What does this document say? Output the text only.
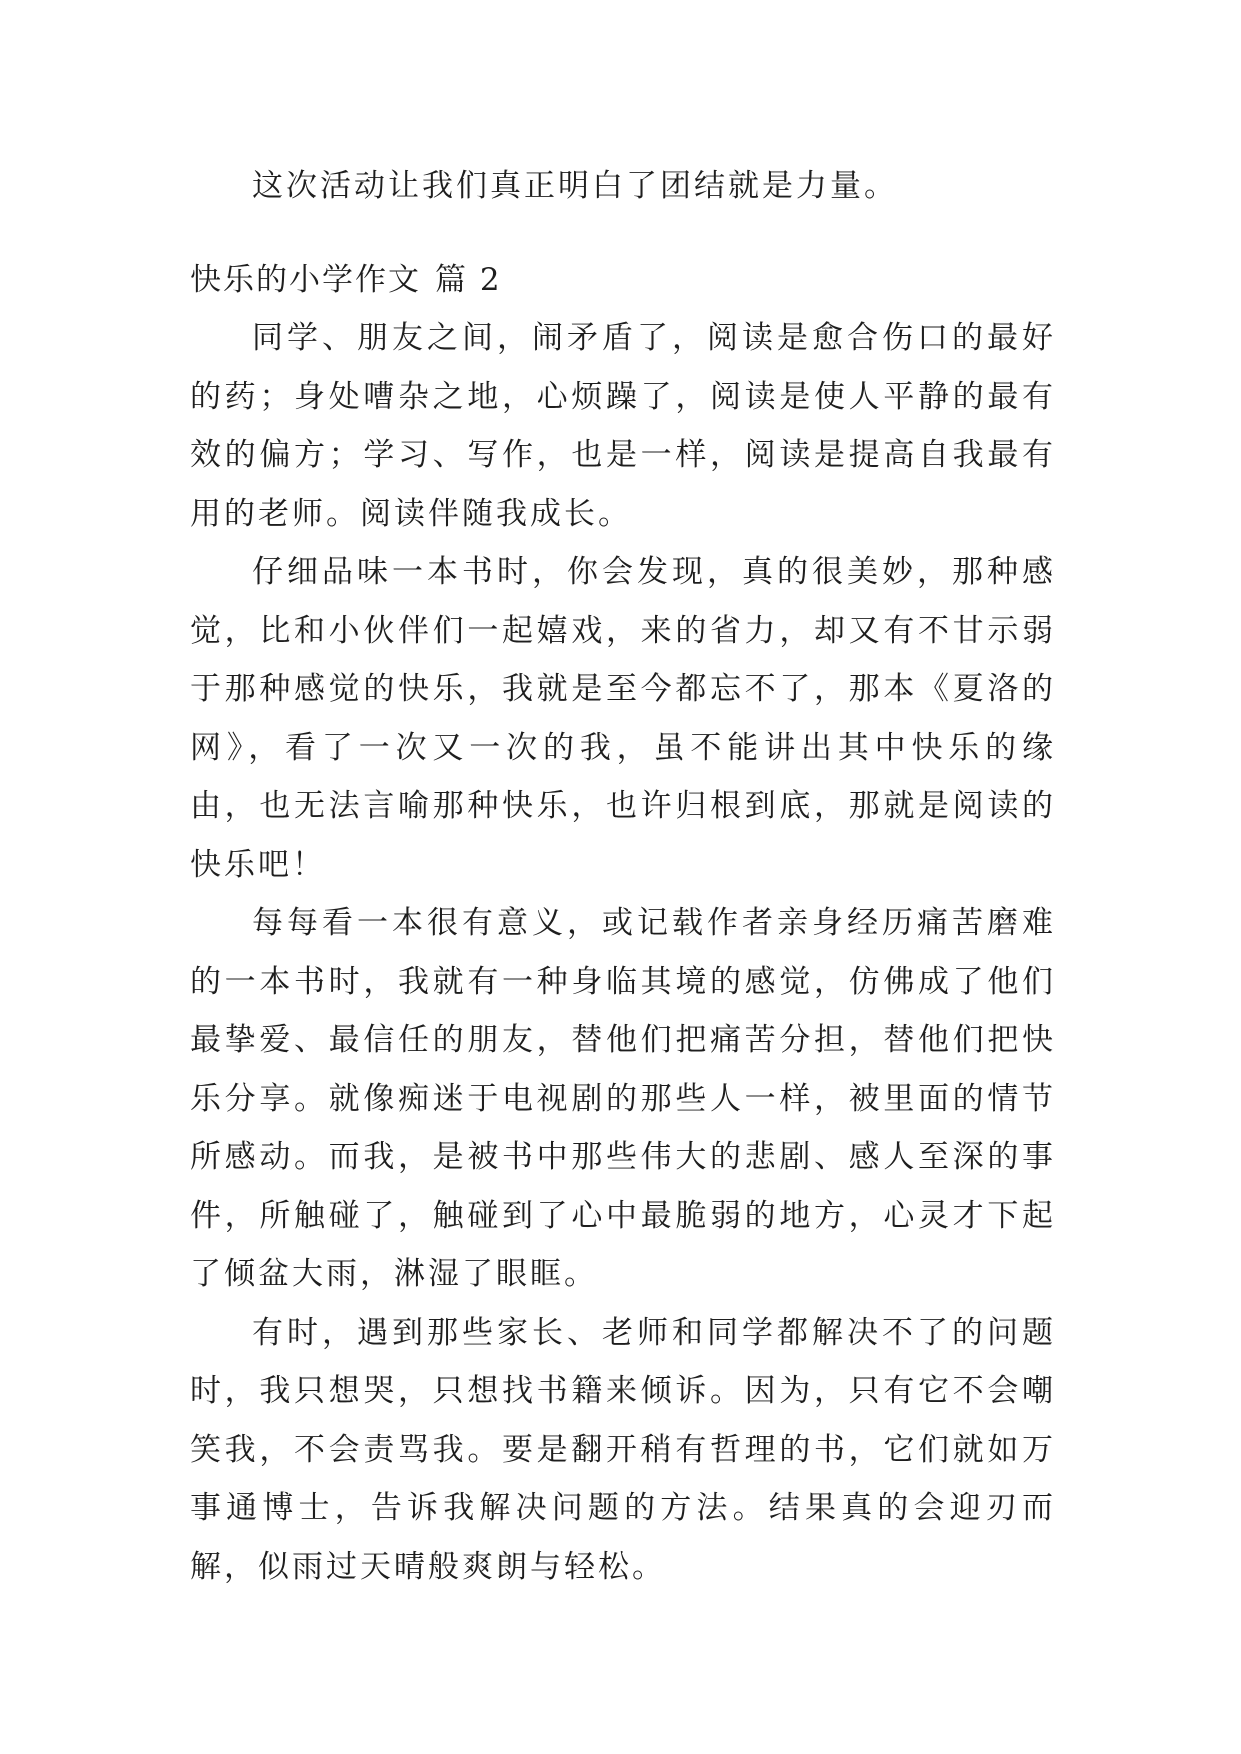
这次活动让我们真正明白了团结就是力量。

快乐的小学作文 篇 2

同学、朋友之间，闹矛盾了，阅读是愈合伤口的最好的药；身处嘈杂之地，心烦躁了，阅读是使人平静的最有效的偏方；学习、写作，也是一样，阅读是提高自我最有用的老师。阅读伴随我成长。

仔细品味一本书时，你会发现，真的很美妙，那种感觉，比和小伙伴们一起嬉戏，来的省力，却又有不甘示弱于那种感觉的快乐，我就是至今都忘不了，那本《夏洛的网》，看了一次又一次的我，虽不能讲出其中快乐的缘由，也无法言喻那种快乐，也许归根到底，那就是阅读的快乐吧！

每每看一本很有意义，或记载作者亲身经历痛苦磨难的一本书时，我就有一种身临其境的感觉，仿佛成了他们最挚爱、最信任的朋友，替他们把痛苦分担，替他们把快乐分享。就像痴迷于电视剧的那些人一样，被里面的情节所感动。而我，是被书中那些伟大的悲剧、感人至深的事件，所触碰了，触碰到了心中最脆弱的地方，心灵才下起了倾盆大雨，淋湿了眼眶。

有时，遇到那些家长、老师和同学都解决不了的问题时，我只想哭，只想找书籍来倾诉。因为，只有它不会嘲笑我，不会责骂我。要是翻开稍有哲理的书，它们就如万事通博士，告诉我解决问题的方法。结果真的会迎刃而解，似雨过天晴般爽朗与轻松。
